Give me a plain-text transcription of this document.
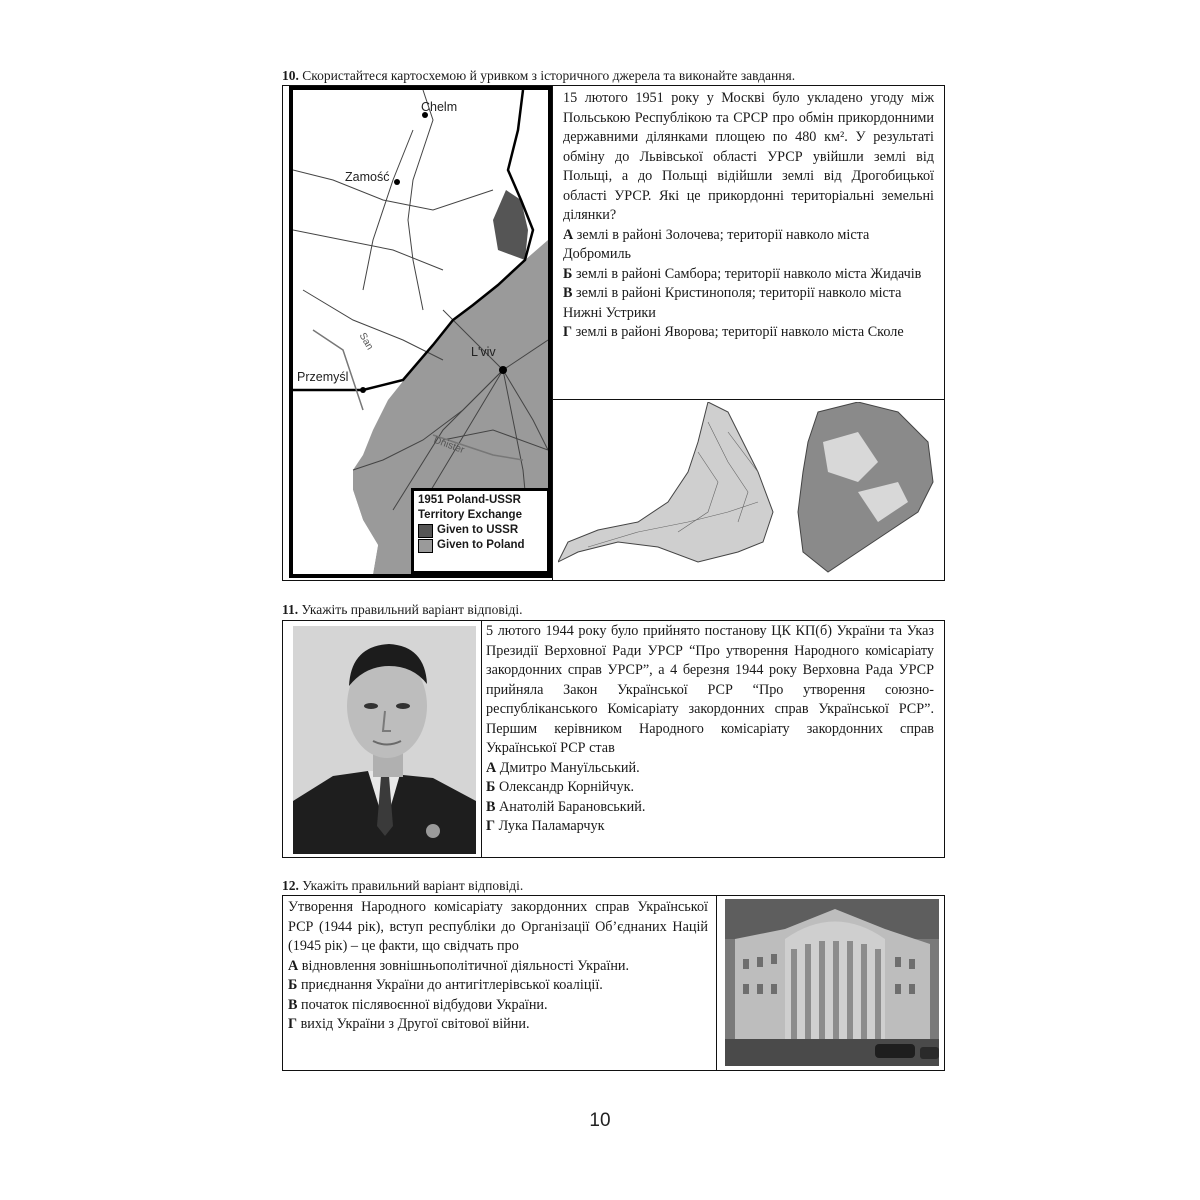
10. Скористайтеся картосхемою й уривком з історичного джерела та виконайте завдання.
Chelm
Zamość
L'viv
Przemyśl
San
Dnister
1951 Poland-USSR
Territory Exchange
Given to USSR
Given to Poland

15 лютого 1951 року у Москві було укладено угоду між Польською Республікою та СРСР про обмін прикордонними державними ділянками площею по 480 км². У результаті обміну до Львівської області УРСР увійшли землі від Польщі, а до Польщі відійшли землі від Дрогобицької області УРСР. Які це прикордонні територіальні земельні ділянки?

А землі в районі Золочева; території навколо міста Добромиль

Б землі в районі Самбора; території навколо міста Жидачів

В землі в районі Кристинополя; території навколо міста Нижні Устрики

Г землі в районі Яворова; території навколо міста Сколе

11. Укажіть правильний варіант відповіді.

5 лютого 1944 року було прийнято постанову ЦК КП(б) України та Указ Президії Верховної Ради УРСР “Про утворення Народного комісаріату закордонних справ УРСР”, а 4 березня 1944 року Верховна Рада УРСР прийняла Закон Української РСР “Про утворення союзно-республіканського Комісаріату закордонних справ Української РСР”. Першим керівником Народного комісаріату закордонних справ Української РСР став

А Дмитро Мануїльський.

Б Олександр Корнійчук.

В Анатолій Барановський.

Г Лука Паламарчук

12. Укажіть правильний варіант відповіді.

Утворення Народного комісаріату закордонних справ Української РСР (1944 рік), вступ республіки до Організації Об’єднаних Націй (1945 рік) – це факти, що свідчать про

А відновлення зовнішньополітичної діяльності України.

Б приєднання України до антигітлерівської коаліції.

В початок післявоєнної відбудови України.

Г вихід України з Другої світової війни.

10
